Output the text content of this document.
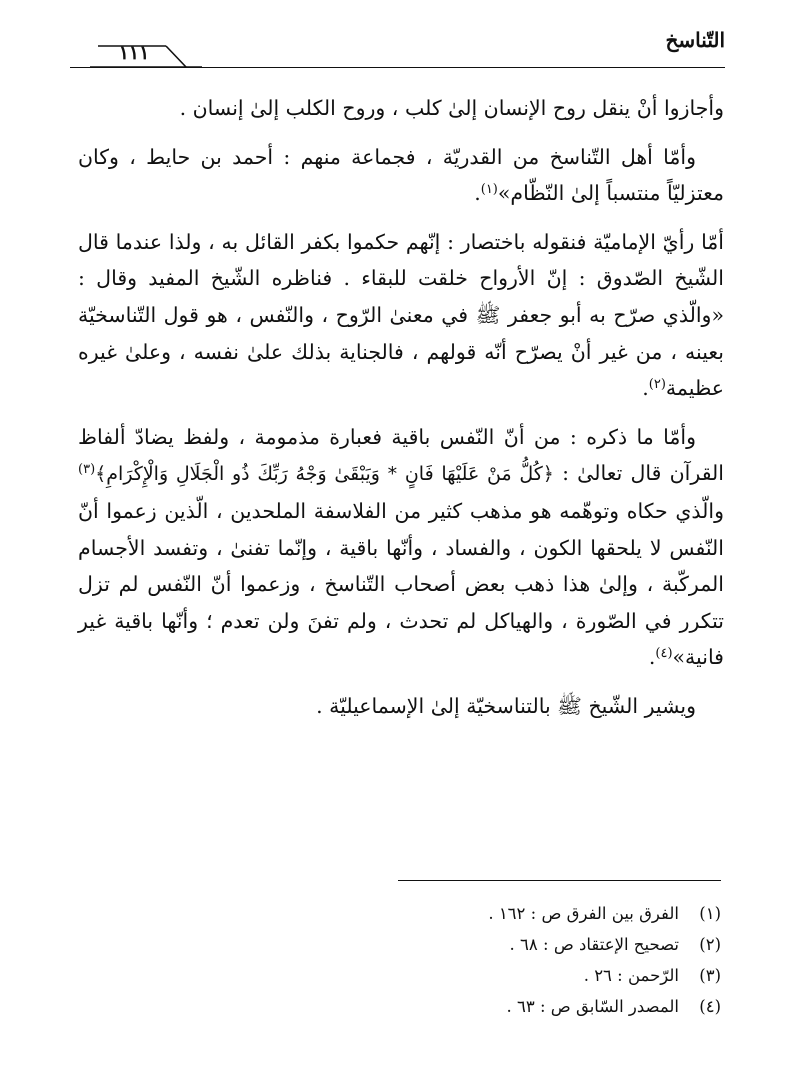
التّناسخ
١١١

وأجازوا أنْ ينقل روح الإنسان إلىٰ كلب ، وروح الكلب إلىٰ إنسان .

وأمّا أهل التّناسخ من القدريّة ، فجماعة منهم : أحمد بن حايط ، وكان معتزليّاً منتسباً إلىٰ النّظّام»$^{(١)}$.

أمّا رأيّ الإماميّة فنقوله باختصار : إنّهم حكموا بكفر القائل به ، ولذا عندما قال الشّيخ الصّدوق : إنّ الأرواح خلقت للبقاء . فناظره الشّيخ المفيد وقال : «والّذي صرّح به أبو جعفر ﷺ في معنىٰ الرّوح ، والنّفس ، هو قول التّناسخيّة بعينه ، من غير أنْ يصرّح أنّه قولهم ، فالجناية بذلك علىٰ نفسه ، وعلىٰ غيره عظيمة$^{(٢)}$.

وأمّا ما ذكره : من أنّ النّفس باقية فعبارة مذمومة ، ولفظ يضادّ ألفاظ القرآن قال تعالىٰ : ﴿كُلُّ مَنْ عَلَيْهَا فَانٍ * وَيَبْقَىٰ وَجْهُ رَبِّكَ ذُو الْجَلَالِ وَالْإِكْرَامِ﴾$^{(٣)}$ والّذي حكاه وتوهّمه هو مذهب كثير من الفلاسفة الملحدين ، الّذين زعموا أنّ النّفس لا يلحقها الكون ، والفساد ، وأنّها باقية ، وإنّما تفنىٰ ، وتفسد الأجسام المركّبة ، وإلىٰ هذا ذهب بعض أصحاب التّناسخ ، وزعموا أنّ النّفس لم تزل تتكرر في الصّورة ، والهياكل لم تحدث ، ولم تفنَ ولن تعدم ؛ وأنّها باقية غير فانية»$^{(٤)}$.

ويشير الشّيخ ﷺ بالتناسخيّة إلىٰ الإسماعيليّة .

(١)الفرق بين الفرق ص : ١٦٢ .
(٢)تصحيح الإعتقاد ص : ٦٨ .
(٣)الرّحمن : ٢٦ .
(٤)المصدر السّابق ص : ٦٣ .
